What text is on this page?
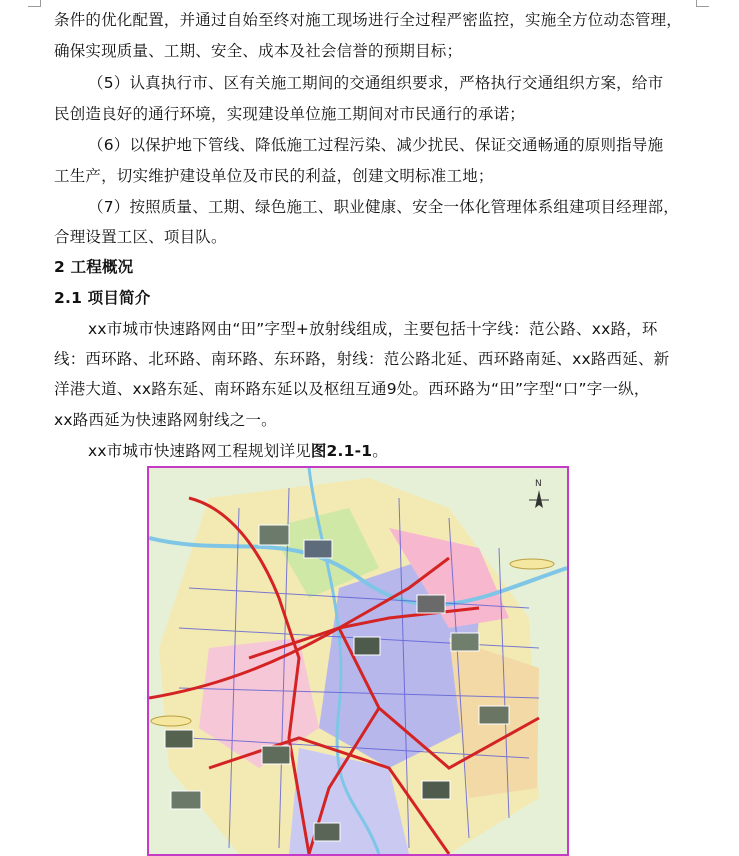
条件的优化配置，并通过自始至终对施工现场进行全过程严密监控，实施全方位动态管理，
确保实现质量、工期、安全、成本及社会信誉的预期目标；
（5）认真执行市、区有关施工期间的交通组织要求，严格执行交通组织方案，给市
民创造良好的通行环境，实现建设单位施工期间对市民通行的承诺；
（6）以保护地下管线、降低施工过程污染、减少扰民、保证交通畅通的原则指导施
工生产，切实维护建设单位及市民的利益，创建文明标准工地；
（7）按照质量、工期、绿色施工、职业健康、安全一体化管理体系组建项目经理部，
合理设置工区、项目队。
2 工程概况
2.1 项目简介
xx市城市快速路网由“田”字型+放射线组成，主要包括十字线：范公路、xx路，环
线：西环路、北环路、南环路、东环路，射线：范公路北延、西环路南延、xx路西延、新
洋港大道、xx路东延、南环路东延以及枢纽互通9处。西环路为“田”字型“口”字一纵，
xx路西延为快速路网射线之一。
xx市城市快速路网工程规划详见图2.1-1。
N
